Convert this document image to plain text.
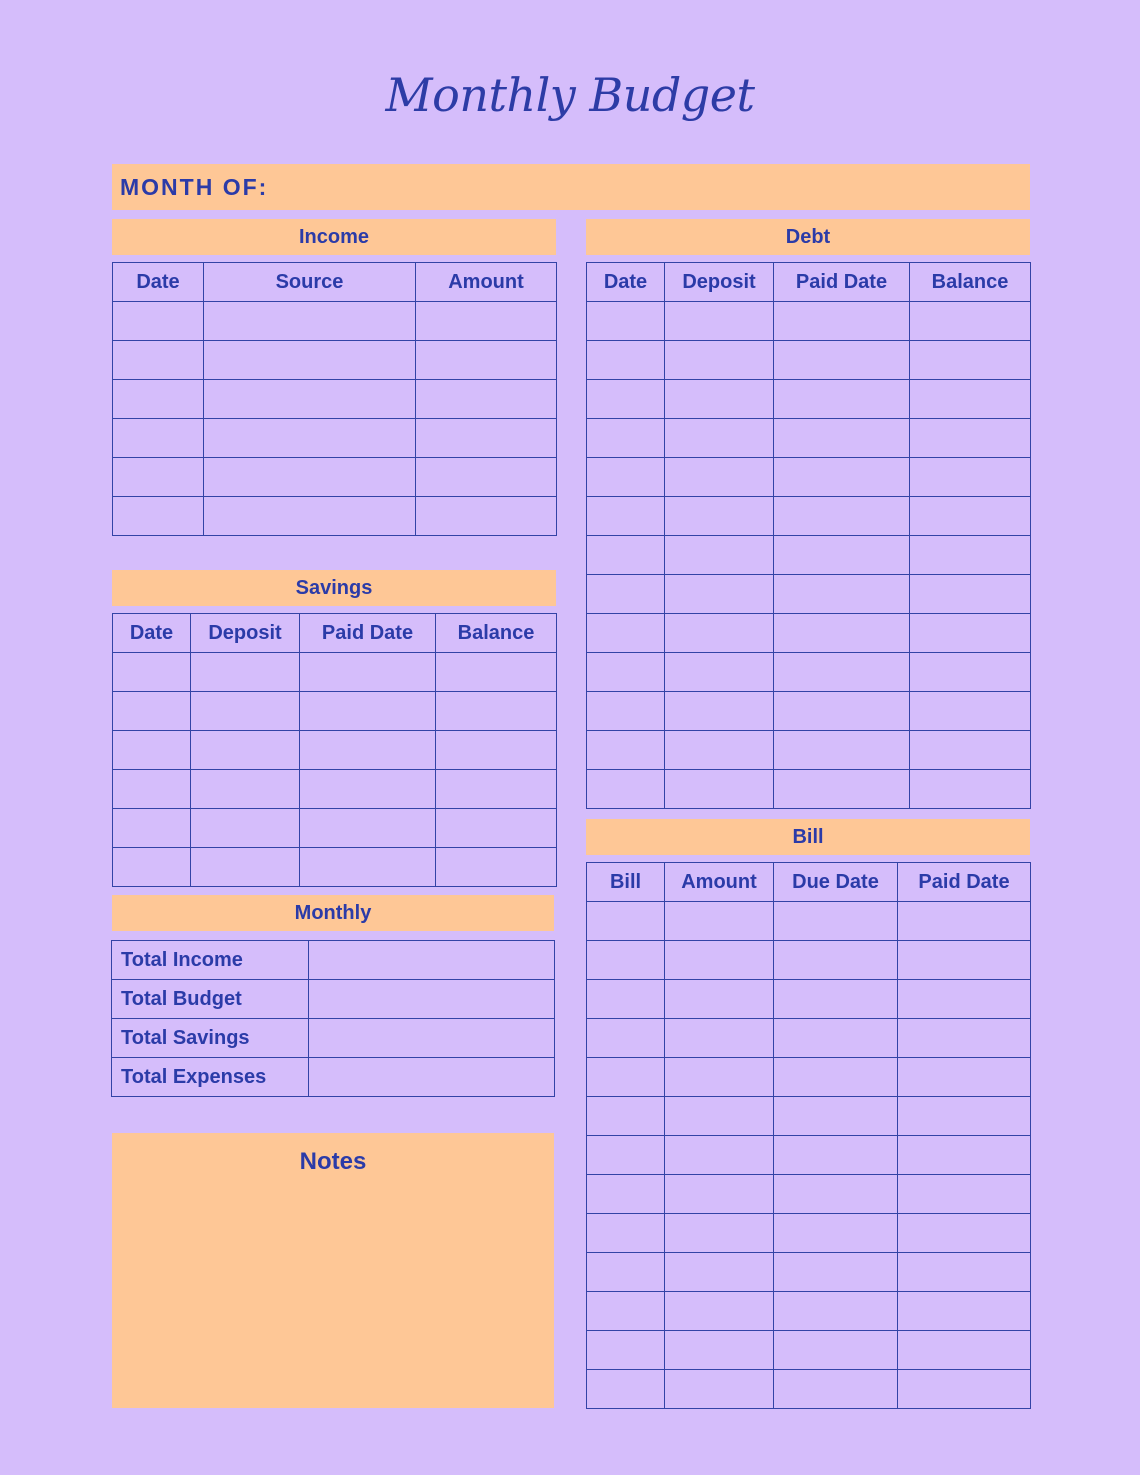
Monthly Budget
MONTH OF:
Income
Date	Source	Amount

Savings
Date	Deposit	Paid Date	Balance

Monthly
Total Income	
Total Budget	
Total Savings	
Total Expenses	
Notes
Debt
Date	Deposit	Paid Date	Balance

Bill
Bill	Amount	Due Date	Paid Date
